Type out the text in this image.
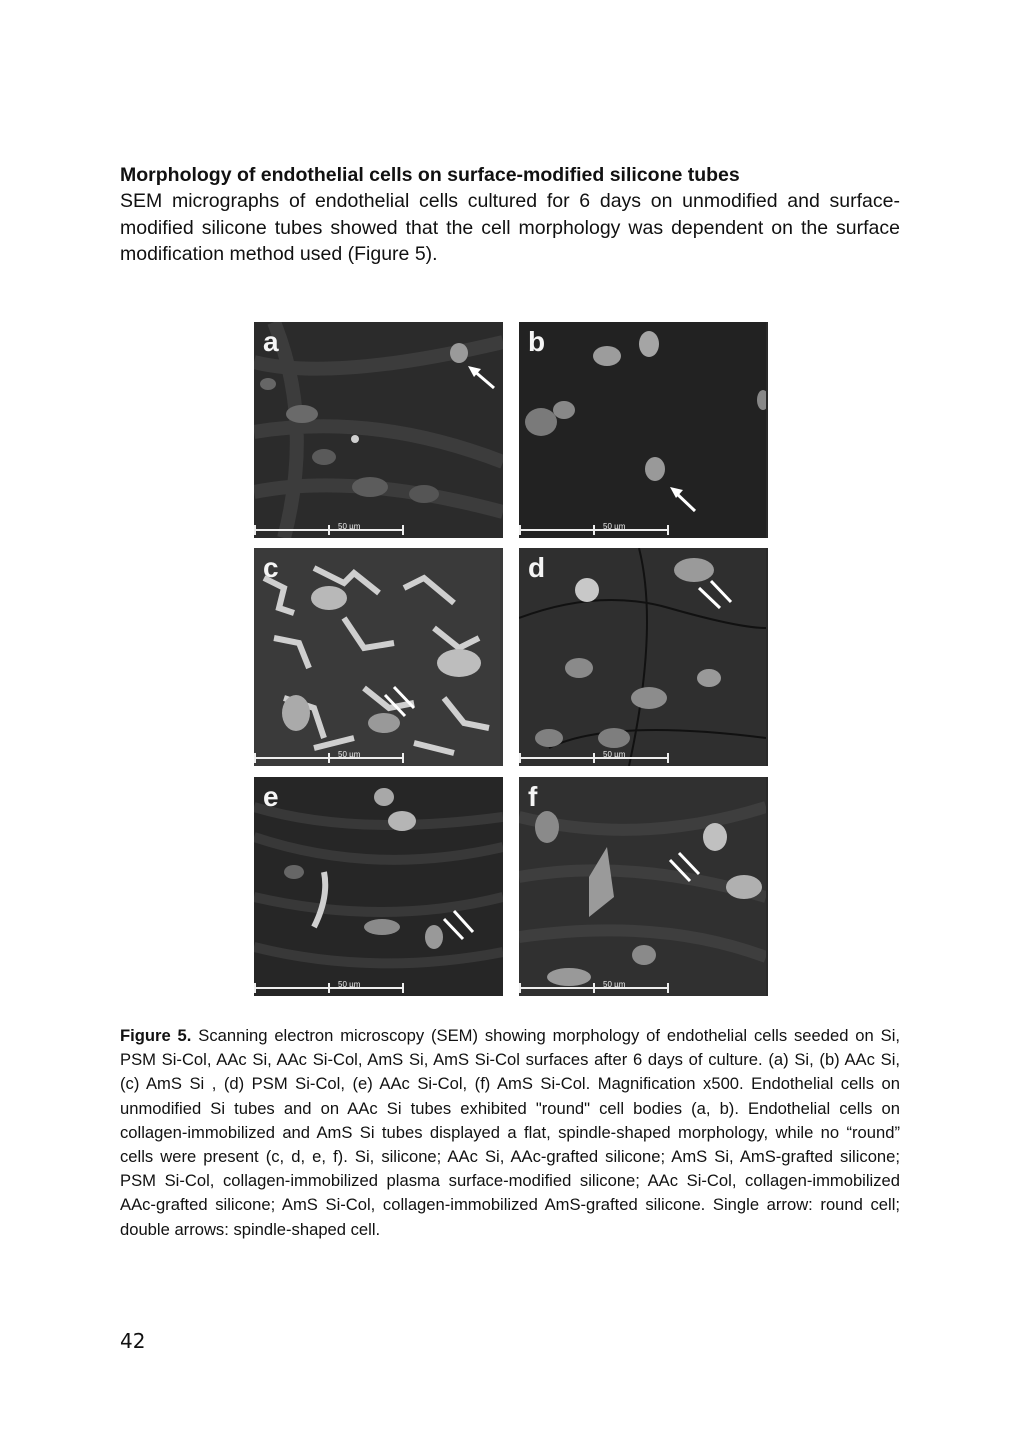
Morphology of endothelial cells on surface-modified silicone tubes

SEM micrographs of endothelial cells cultured for 6 days on unmodified and surface-modified silicone tubes showed that the cell morphology was dependent on the surface modification method used (Figure 5).

a
50 µm
b
50 µm
c
50 µm
d
50 µm
e
50 µm
f
50 µm
Figure 5. Scanning electron microscopy (SEM) showing morphology of endothelial cells seeded on Si, PSM Si-Col, AAc Si, AAc Si-Col, AmS Si, AmS Si-Col surfaces after 6 days of culture. (a) Si, (b) AAc Si, (c) AmS Si , (d) PSM Si-Col, (e) AAc Si-Col, (f) AmS Si-Col. Magnification x500. Endothelial cells on unmodified Si tubes and on AAc Si tubes exhibited "round" cell bodies (a, b). Endothelial cells on collagen-immobilized and AmS Si tubes displayed a flat, spindle-shaped morphology, while no “round” cells were present (c, d, e, f). Si, silicone; AAc Si, AAc-grafted silicone; AmS Si, AmS-grafted silicone; PSM Si-Col, collagen-immobilized plasma surface-modified silicone; AAc Si-Col, collagen-immobilized AAc-grafted silicone; AmS Si-Col, collagen-immobilized AmS-grafted silicone. Single arrow: round cell; double arrows: spindle-shaped cell.
42
